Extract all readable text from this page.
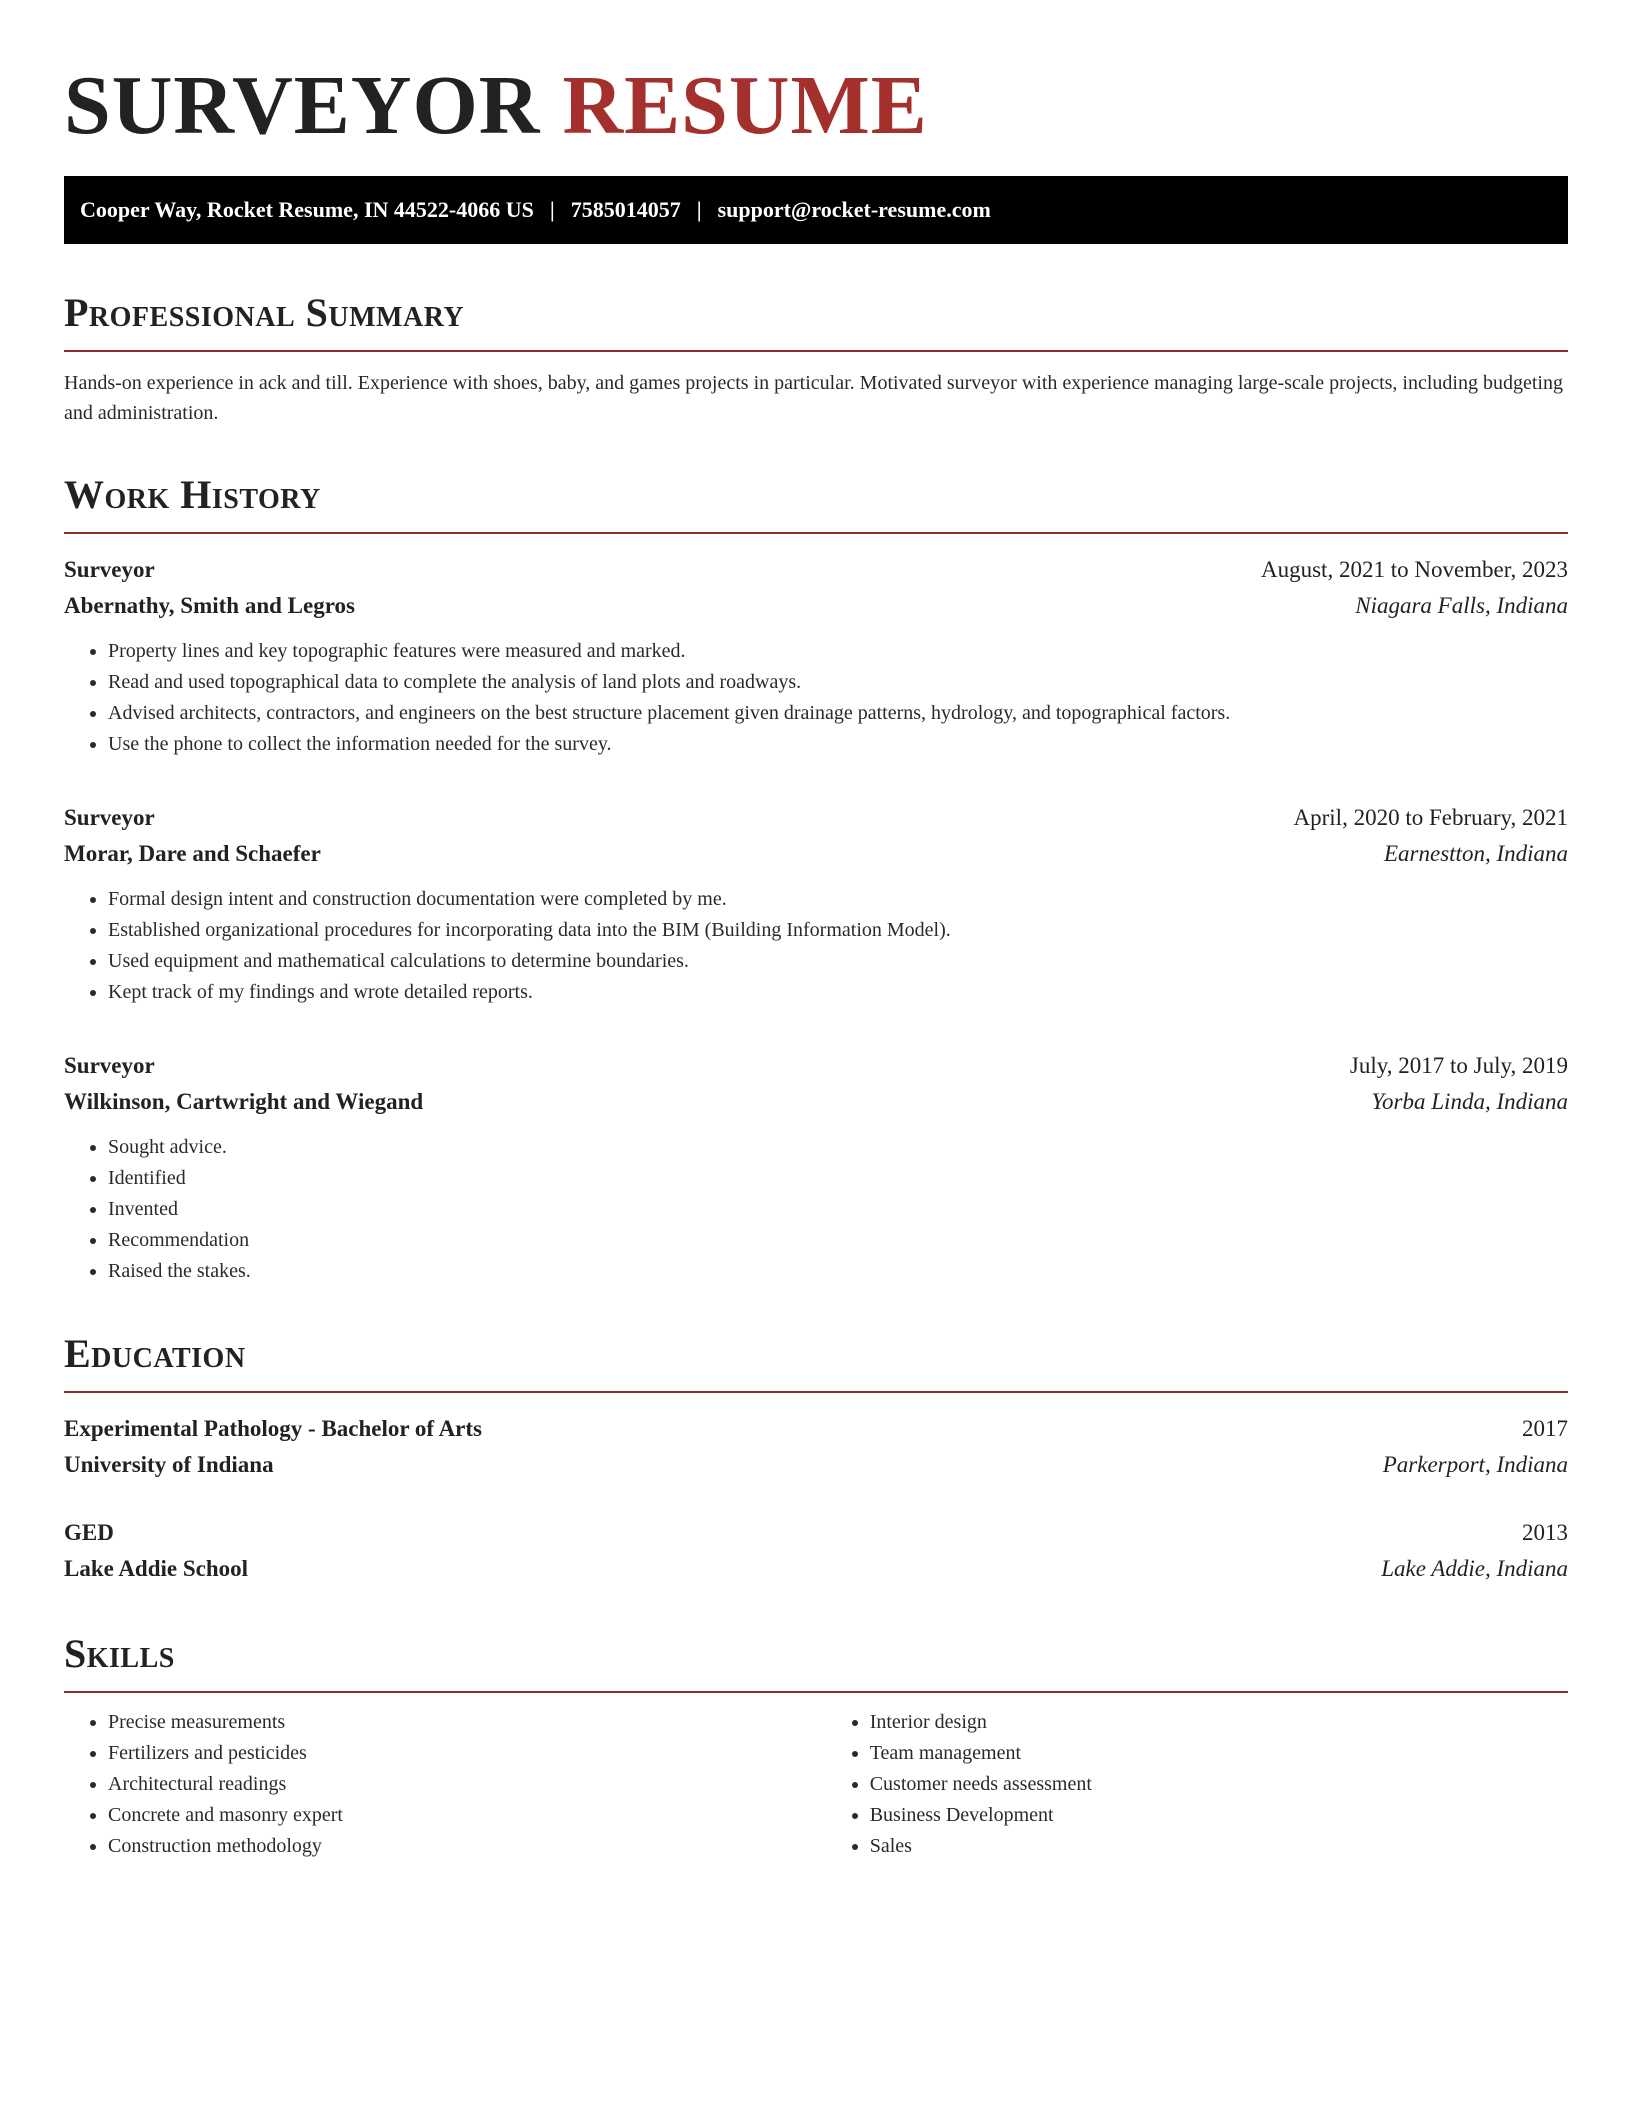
SURVEYOR RESUME
Cooper Way, Rocket Resume, IN 44522-4066 US | 7585014057 | support@rocket-resume.com
Professional Summary

Hands-on experience in ack and till. Experience with shoes, baby, and games projects in particular. Motivated surveyor with experience managing large-scale projects, including budgeting and administration.

Work History
Surveyor	August, 2021 to November, 2023
Abernathy, Smith and Legros	Niagara Falls, Indiana
• Property lines and key topographic features were measured and marked.
• Read and used topographical data to complete the analysis of land plots and roadways.
• Advised architects, contractors, and engineers on the best structure placement given drainage patterns, hydrology, and topographical factors.
• Use the phone to collect the information needed for the survey.
Surveyor	April, 2020 to February, 2021
Morar, Dare and Schaefer	Earnestton, Indiana
• Formal design intent and construction documentation were completed by me.
• Established organizational procedures for incorporating data into the BIM (Building Information Model).
• Used equipment and mathematical calculations to determine boundaries.
• Kept track of my findings and wrote detailed reports.
Surveyor	July, 2017 to July, 2019
Wilkinson, Cartwright and Wiegand	Yorba Linda, Indiana
• Sought advice.
• Identified
• Invented
• Recommendation
• Raised the stakes.
Education
Experimental Pathology - Bachelor of Arts	2017
University of Indiana	Parkerport, Indiana
GED	2013
Lake Addie School	Lake Addie, Indiana
Skills
• Precise measurements
• Fertilizers and pesticides
• Architectural readings
• Concrete and masonry expert
• Construction methodology
• Interior design
• Team management
• Customer needs assessment
• Business Development
• Sales
